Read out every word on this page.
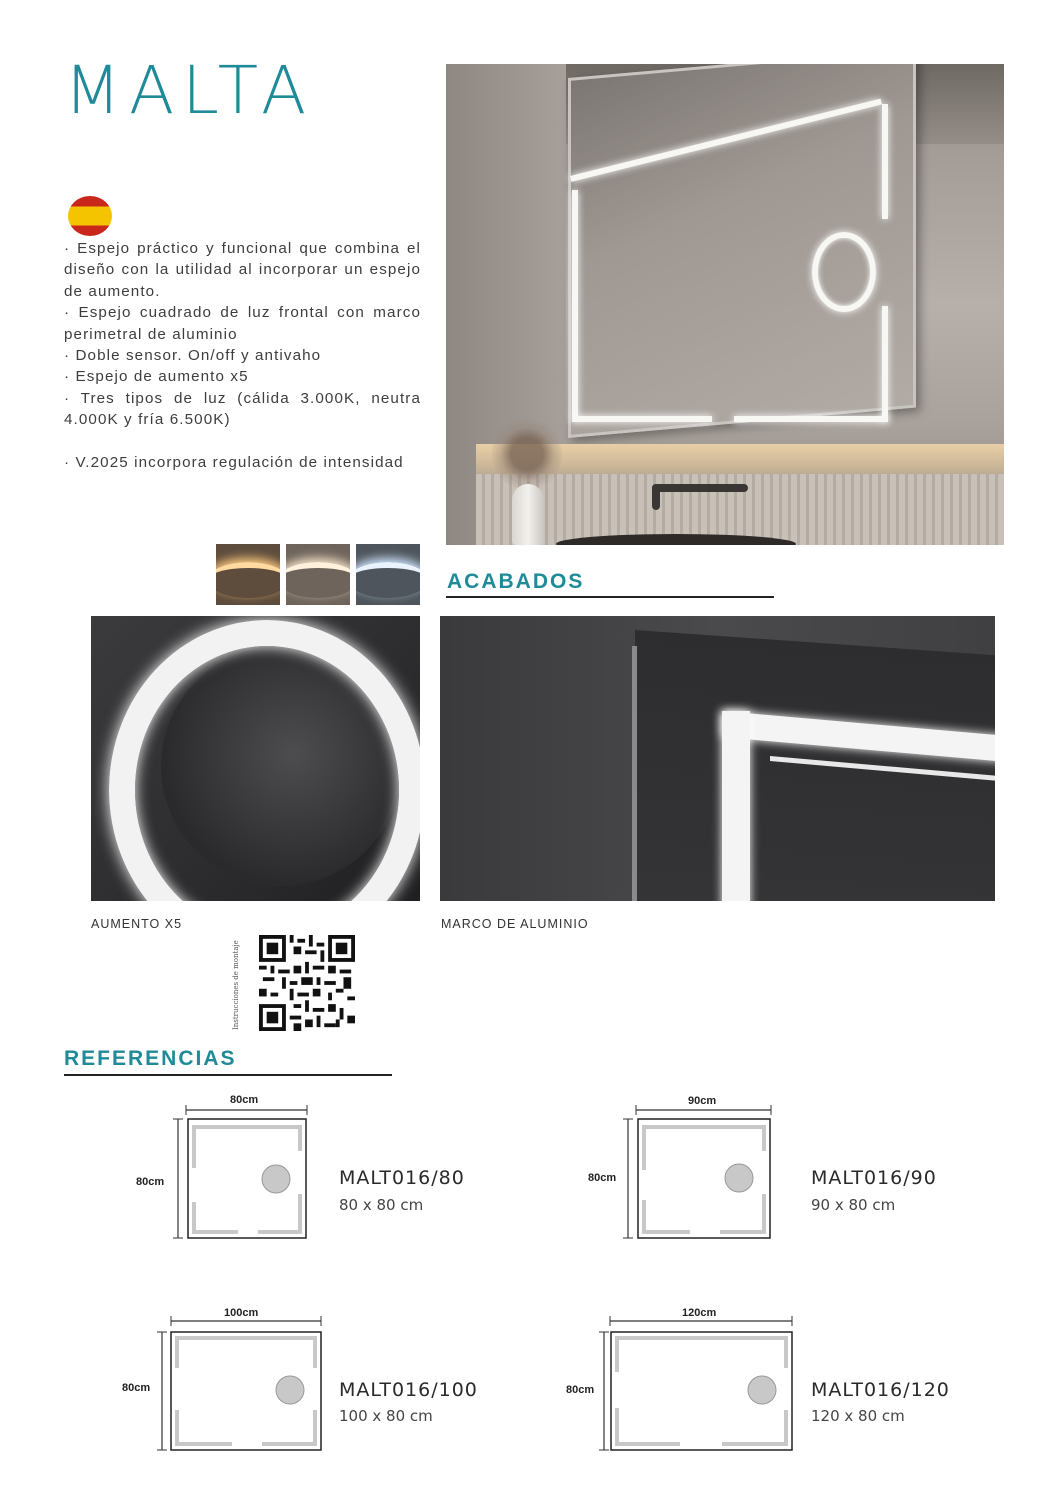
MALTA

· Espejo práctico y funcional que combina el diseño con la utilidad al incorporar un espejo de aumento.

· Espejo cuadrado de luz frontal con marco perimetral de aluminio

· Doble sensor. On/off y antivaho

· Espejo de aumento x5

· Tres tipos de luz (cálida 3.000K, neutra 4.000K y fría 6.500K)

· V.2025 incorpora regulación de intensidad

ACABADOS
AUMENTO X5	MARCO DE ALUMINIO
Instrucciones de montaje
REFERENCIAS
80cm
80cm	MALT016/80
80 x 80 cm
90cm
80cm	MALT016/90
90 x 80 cm
100cm
80cm	MALT016/100
100 x 80 cm
120cm
80cm	MALT016/120
120 x 80 cm
